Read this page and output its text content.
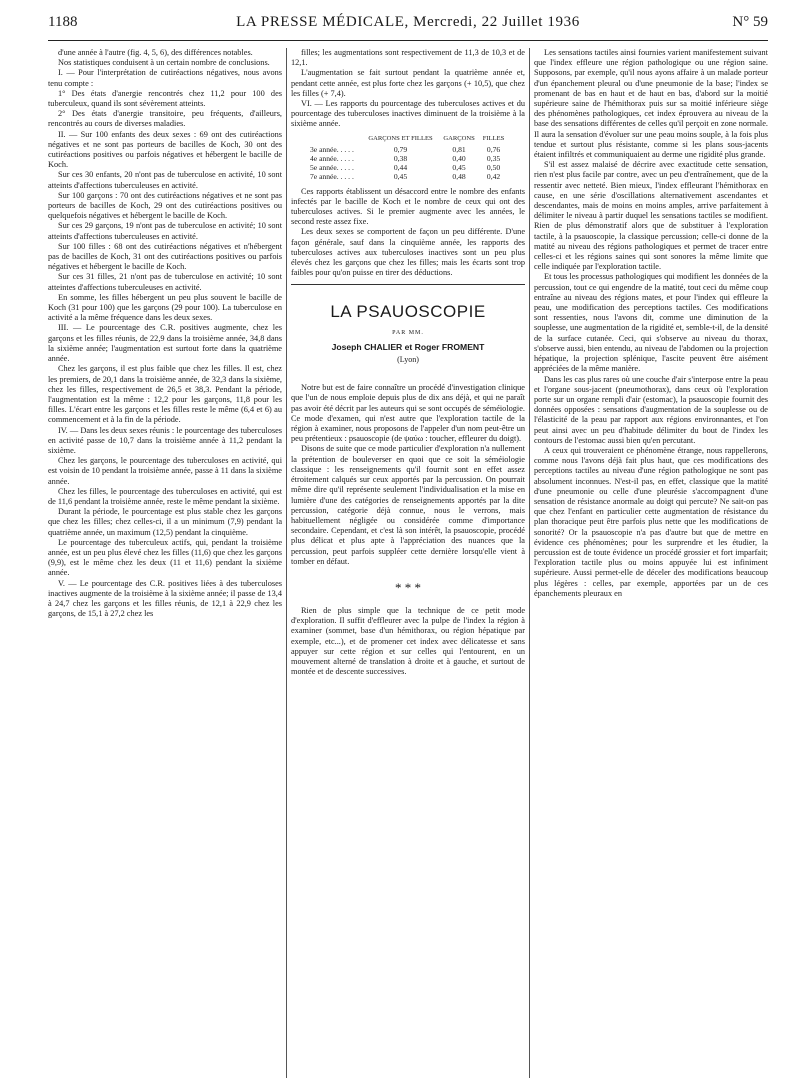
1188	LA PRESSE MÉDICALE, Mercredi, 22 Juillet 1936	N° 59

d'une année à l'autre (fig. 4, 5, 6), des différences notables.

Nos statistiques conduisent à un certain nombre de conclusions.

I. — Pour l'interprétation de cutiréactions négatives, nous avons tenu compte :

1° Des états d'anergie rencontrés chez 11,2 pour 100 des tuberculeux, quand ils sont sévèrement atteints.

2° Des états d'anergie transitoire, peu fréquents, d'ailleurs, rencontrés au cours de diverses maladies.

II. — Sur 100 enfants des deux sexes : 69 ont des cutiréactions négatives et ne sont pas porteurs de bacilles de Koch, 30 ont des cutiréactions positives ou parfois négatives et hébergent le bacille de Koch.

Sur ces 30 enfants, 20 n'ont pas de tuberculose en activité, 10 sont atteints d'affections tuberculeuses en activité.

Sur 100 garçons : 70 ont des cutiréactions négatives et ne sont pas porteurs de bacilles de Koch, 29 ont des cutiréactions positives ou quelquefois négatives et hébergent le bacille de Koch.

Sur ces 29 garçons, 19 n'ont pas de tuberculose en activité; 10 sont atteints d'affections tuberculeuses en activité.

Sur 100 filles : 68 ont des cutiréactions négatives et n'hébergent pas de bacilles de Koch, 31 ont des cutiréactions positives ou parfois négatives et hébergent le bacille de Koch.

Sur ces 31 filles, 21 n'ont pas de tuberculose en activité; 10 sont atteintes d'affections tuberculeuses en activité.

En somme, les filles hébergent un peu plus souvent le bacille de Koch (31 pour 100) que les garçons (29 pour 100). La tuberculose en activité a la même fréquence dans les deux sexes.

III. — Le pourcentage des C.R. positives augmente, chez les garçons et les filles réunis, de 22,9 dans la troisième année, 34,8 dans la sixième année; l'augmentation est surtout forte dans la quatrième année.

Chez les garçons, il est plus faible que chez les filles. Il est, chez les premiers, de 20,1 dans la troisième année, de 32,3 dans la sixième, chez les filles, respectivement de 26,5 et 38,3. Pendant la période, l'augmentation est la même : 12,2 pour les garçons, 11,8 pour les filles. L'écart entre les garçons et les filles reste le même (6,4 et 6) au commencement et à la fin de la période.

IV. — Dans les deux sexes réunis : le pourcentage des tuberculoses en activité passe de 10,7 dans la troisième année à 11,2 pendant la sixième.

Chez les garçons, le pourcentage des tuberculoses en activité, qui est voisin de 10 pendant la troisième année, passe à 11 dans la sixième année.

Chez les filles, le pourcentage des tuberculoses en activité, qui est de 11,6 pendant la troisième année, reste le même pendant la sixième.

Durant la période, le pourcentage est plus stable chez les garçons que chez les filles; chez celles-ci, il a un minimum (7,9) pendant la quatrième année, un maximum (12,5) pendant la cinquième.

Le pourcentage des tuberculeux actifs, qui, pendant la troisième année, est un peu plus élevé chez les filles (11,6) que chez les garçons (9,9), est le même chez les deux (11 et 11,6) pendant la sixième année.

V. — Le pourcentage des C.R. positives liées à des tuberculoses inactives augmente de la troisième à la sixième année; il passe de 13,4 à 24,7 chez les garçons et les filles réunis, de 12,1 à 22,9 chez les garçons, de 15,1 à 27,2 chez les

filles; les augmentations sont respectivement de 11,3 de 10,3 et de 12,1.

L'augmentation se fait surtout pendant la quatrième année et, pendant cette année, est plus forte chez les garçons (+ 10,5), que chez les filles (+ 7,4).

VI. — Les rapports du pourcentage des tuberculoses actives et du pourcentage des tuberculoses inactives diminuent de la troisième à la sixième année.

	GARÇONS ET FILLES	GARÇONS	FILLES
3e année. . . . .	0,79	0,81	0,76
4e année. . . . .	0,38	0,40	0,35
5e année. . . . .	0,44	0,45	0,50
7e année. . . . .	0,45	0,48	0,42

Ces rapports établissent un désaccord entre le nombre des enfants infectés par le bacille de Koch et le nombre de ceux qui ont des tuberculoses actives. Si le premier augmente avec les années, le second reste assez fixe.

Les deux sexes se comportent de façon un peu différente. D'une façon générale, sauf dans la cinquième année, les rapports des tuberculoses actives aux tuberculoses inactives sont un peu plus élevés chez les garçons que chez les filles; mais les écarts sont trop faibles pour qu'on puisse en tirer des déductions.

LA PSAUOSCOPIE
PAR MM.
Joseph CHALIER et Roger FROMENT
(Lyon)

Notre but est de faire connaître un procédé d'investigation clinique que l'un de nous emploie depuis plus de dix ans déjà, et qui ne paraît pas avoir été décrit par les auteurs qui se sont occupés de séméiologie. Ce mode d'examen, qui n'est autre que l'exploration tactile de la région à examiner, nous proposons de l'appeler d'un nom peut-être un peu prétentieux : psauoscopie (de ψαύω : toucher, effleurer du doigt).

Disons de suite que ce mode particulier d'exploration n'a nullement la prétention de bouleverser en quoi que ce soit la séméiologie classique : les renseignements qu'il fournit sont en effet assez étroitement calqués sur ceux apportés par la percussion. On pourrait même dire qu'il représente seulement l'individualisation et la mise en lumière d'une des catégories de renseignements apportés par la dite percussion, catégorie déjà connue, nous le verrons, mais habituellement négligée ou considérée comme d'importance secondaire. Cependant, et c'est là son intérêt, la psauoscopie, procédé plus délicat et plus apte à l'appréciation des nuances que la percussion, peut parfois suppléer cette dernière lorsqu'elle vient à tomber en défaut.

* * *

Rien de plus simple que la technique de ce petit mode d'exploration. Il suffit d'effleurer avec la pulpe de l'index la région à examiner (sommet, base d'un hémithorax, ou région hépatique par exemple, etc...), et de promener cet index avec délicatesse et sans appuyer sur cette région et sur celles qui l'entourent, en un mouvement alterné de translation à droite et à gauche, et surtout de montée et de descente successives.

Les sensations tactiles ainsi fournies varient manifestement suivant que l'index effleure une région pathologique ou une région saine. Supposons, par exemple, qu'il nous ayons affaire à un malade porteur d'un épanchement pleural ou d'une pneumonie de la base; l'index se promenant de bas en haut et de haut en bas, d'abord sur la moitié supérieure saine de l'hémithorax puis sur sa moitié inférieure siège des phénomènes pathologiques, cet index éprouvera au niveau de la base des sensations différentes de celles qu'il perçoit en zone normale. Il aura la sensation d'évoluer sur une peau moins souple, à la fois plus tendue et surtout plus résistante, comme si les plans sous-jacents étaient infiltrés et communiquaient au derme une rigidité plus grande.

S'il est assez malaisé de décrire avec exactitude cette sensation, rien n'est plus facile par contre, avec un peu d'entraînement, que de la ressentir avec netteté. Bien mieux, l'index effleurant l'hémithorax en cause, en une série d'oscillations alternativement ascendantes et descendantes, mais de moins en moins amples, arrive parfaitement à délimiter le niveau à partir duquel les sensations tactiles se modifient. Rien de plus démonstratif alors que de substituer à l'exploration tactile, à la psauoscopie, la classique percussion; celle-ci donne de la matité au niveau des régions pathologiques et permet de tracer entre celles-ci et les régions saines qui sont sonores la même limite que celle indiquée par l'exploration tactile.

Et tous les processus pathologiques qui modifient les données de la percussion, tout ce qui engendre de la matité, tout ceci du même coup entraîne au niveau des régions mates, et pour l'index qui effleure la peau, une modification des perceptions tactiles. Ces modifications sont ressenties, nous l'avons dit, comme une diminution de la souplesse, une augmentation de la rigidité et, semble-t-il, de la densité de la surface cutanée. Ceci, qui s'observe au niveau du thorax, s'observe aussi, bien entendu, au niveau de l'abdomen ou la projection hépatique, la projection splénique, l'ascite peuvent être aisément appréciées de la même manière.

Dans les cas plus rares où une couche d'air s'interpose entre la peau et l'organe sous-jacent (pneumothorax), dans ceux où l'exploration porte sur un organe rempli d'air (estomac), la psauoscopie fournit des données opposées : sensations d'augmentation de la souplesse ou de l'élasticité de la peau par rapport aux régions environnantes, et l'on peut ainsi avec un peu d'habitude délimiter du bout de l'index les contours de l'estomac aussi bien qu'en percutant.

A ceux qui trouveraient ce phénomène étrange, nous rappellerons, comme nous l'avons déjà fait plus haut, que ces modifications des perceptions tactiles au niveau d'une région pathologique ne sont pas absolument inconnues. N'est-il pas, en effet, classique que la matité d'une pneumonie ou celle d'une pleurésie s'accompagnent d'une sensation de résistance anormale au doigt qui percute? Ne sait-on pas que chez l'enfant en particulier cette augmentation de résistance du plan thoracique peut être parfois plus nette que les modifications de sonorité? Or la psauoscopie n'a pas d'autre but que de mettre en évidence ces phénomènes; pour les surprendre et les étudier, la percussion est de toute évidence un procédé grossier et fort imparfait; l'exploration tactile plus ou moins appuyée lui est infiniment supérieure. Aussi permet-elle de déceler des modifications beaucoup plus légères : celles, par exemple, apportées par un de ces épanchements pleuraux en
